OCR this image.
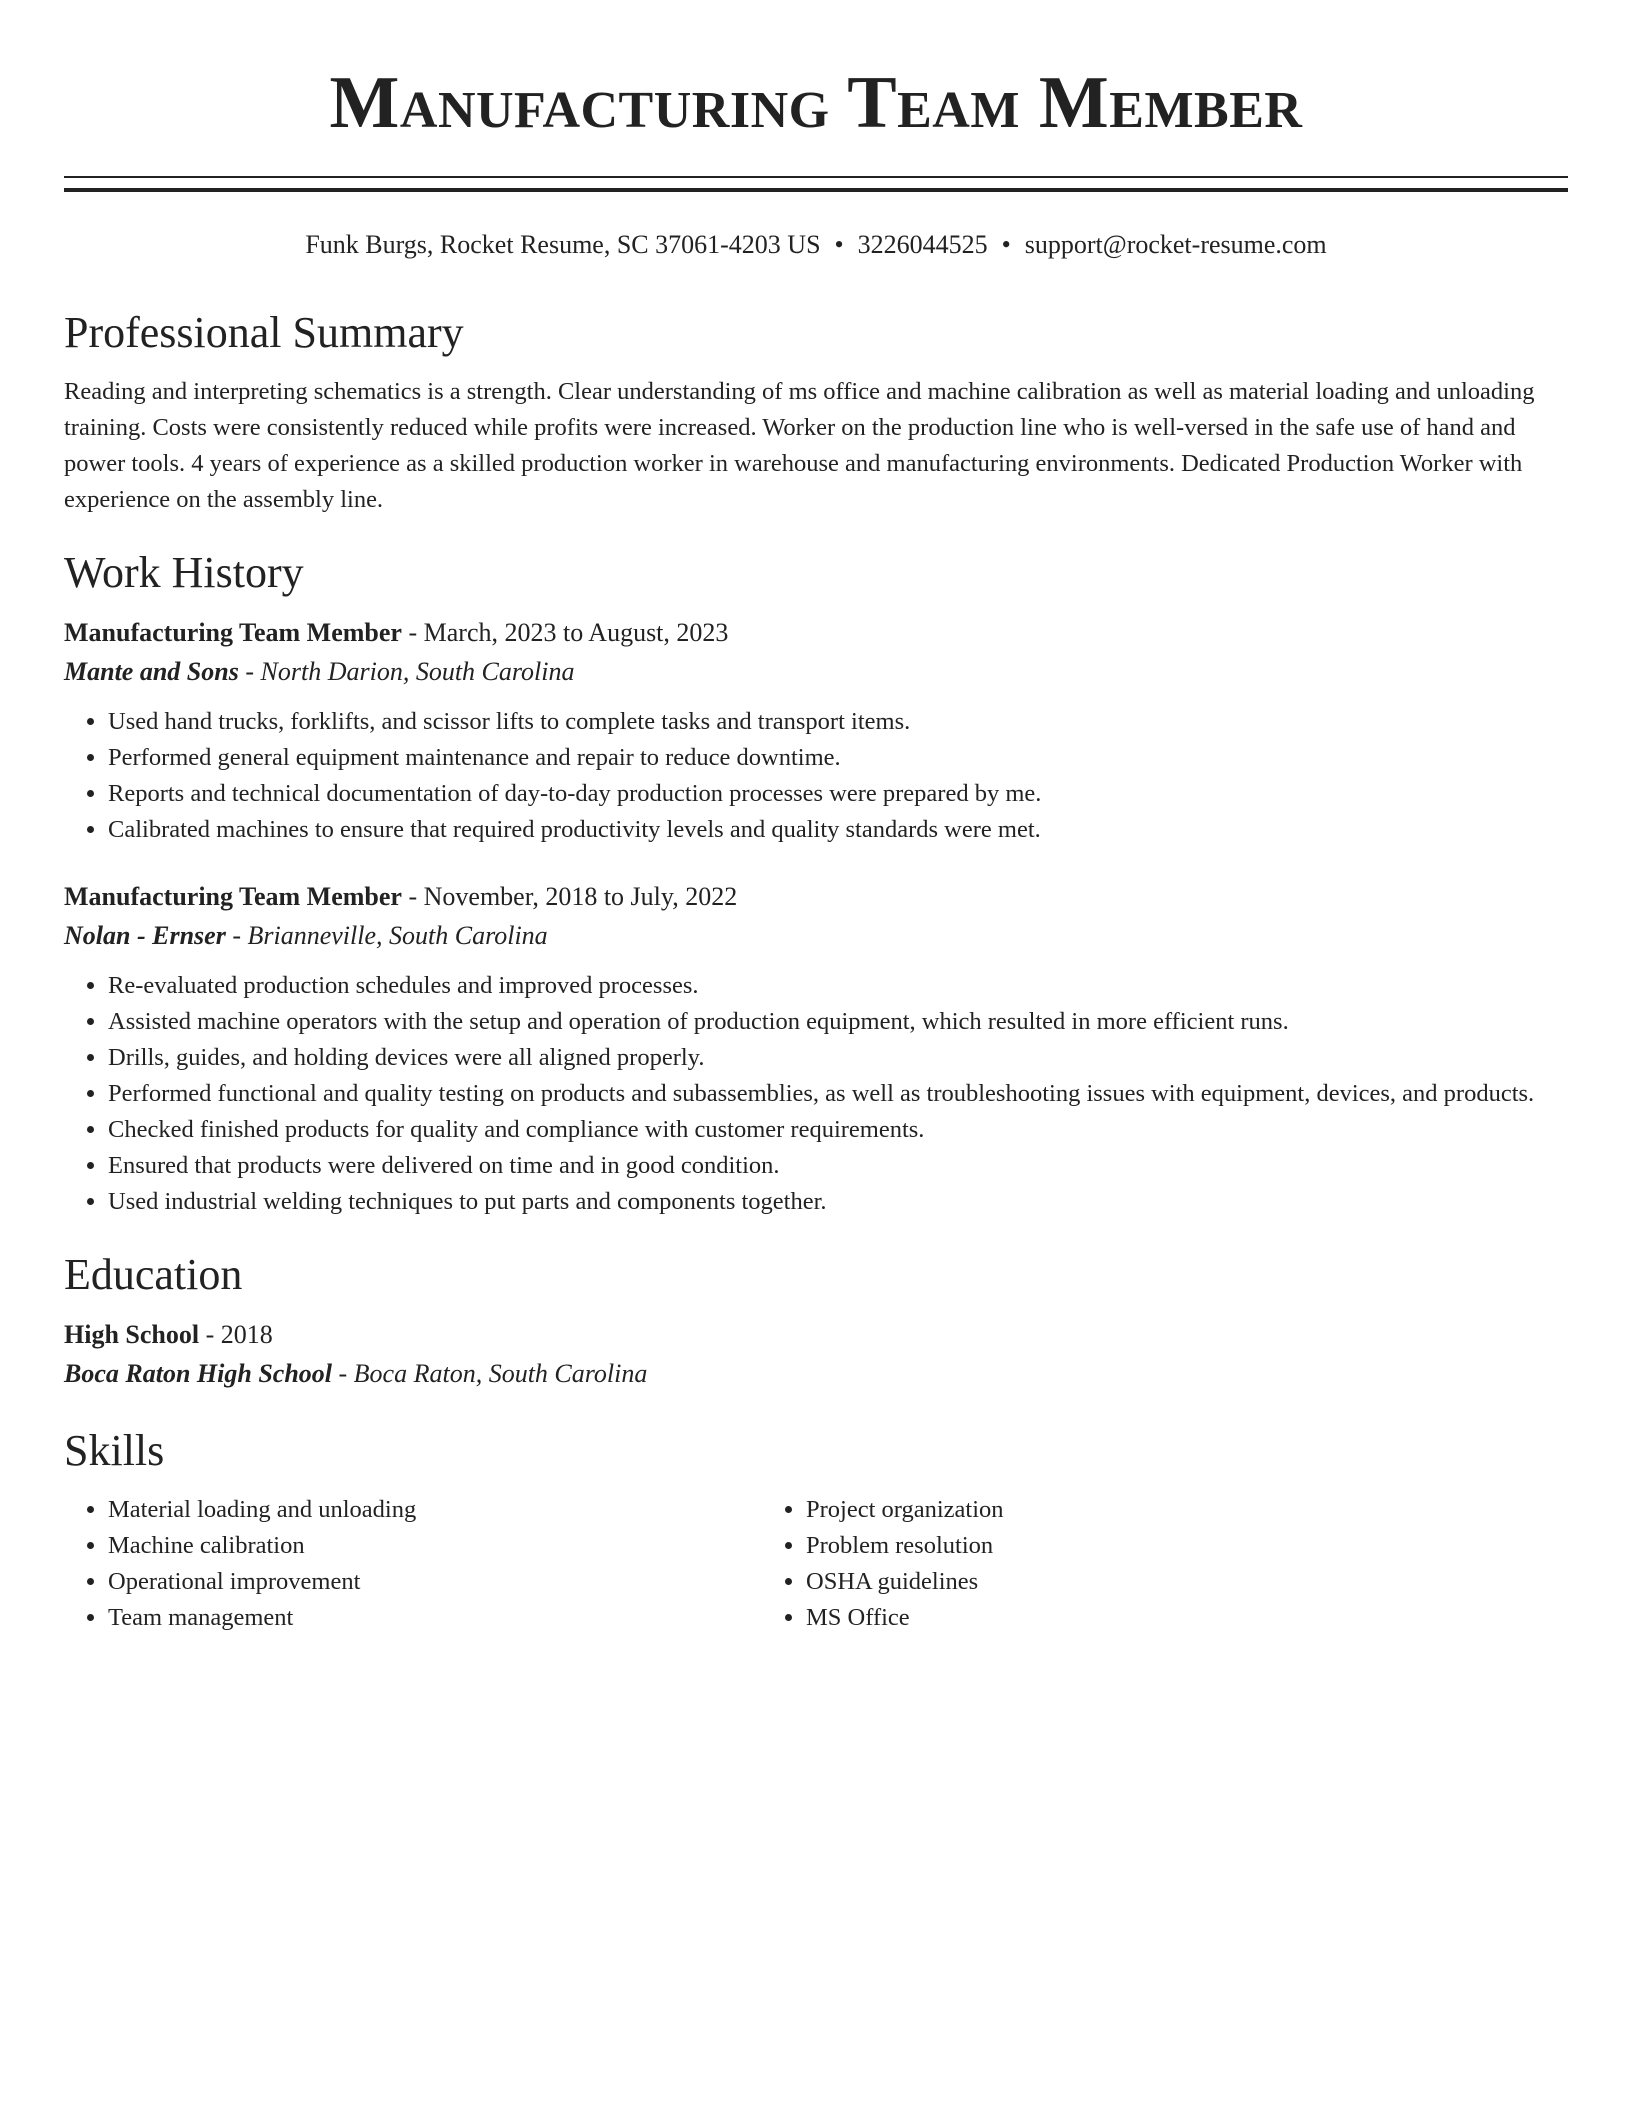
Manufacturing Team Member
Funk Burgs, Rocket Resume, SC 37061-4203 US • 3226044525 • support@rocket-resume.com
Professional Summary
Reading and interpreting schematics is a strength. Clear understanding of ms office and machine calibration as well as material loading and unloading training. Costs were consistently reduced while profits were increased. Worker on the production line who is well-versed in the safe use of hand and power tools. 4 years of experience as a skilled production worker in warehouse and manufacturing environments. Dedicated Production Worker with experience on the assembly line.
Work History
Manufacturing Team Member - March, 2023 to August, 2023
Mante and Sons - North Darion, South Carolina
• Used hand trucks, forklifts, and scissor lifts to complete tasks and transport items.
• Performed general equipment maintenance and repair to reduce downtime.
• Reports and technical documentation of day-to-day production processes were prepared by me.
• Calibrated machines to ensure that required productivity levels and quality standards were met.
Manufacturing Team Member - November, 2018 to July, 2022
Nolan - Ernser - Brianneville, South Carolina
• Re-evaluated production schedules and improved processes.
• Assisted machine operators with the setup and operation of production equipment, which resulted in more efficient runs.
• Drills, guides, and holding devices were all aligned properly.
• Performed functional and quality testing on products and subassemblies, as well as troubleshooting issues with equipment, devices, and products.
• Checked finished products for quality and compliance with customer requirements.
• Ensured that products were delivered on time and in good condition.
• Used industrial welding techniques to put parts and components together.
Education
High School - 2018
Boca Raton High School - Boca Raton, South Carolina
Skills
• Material loading and unloading
• Machine calibration
• Operational improvement
• Team management
• Project organization
• Problem resolution
• OSHA guidelines
• MS Office
